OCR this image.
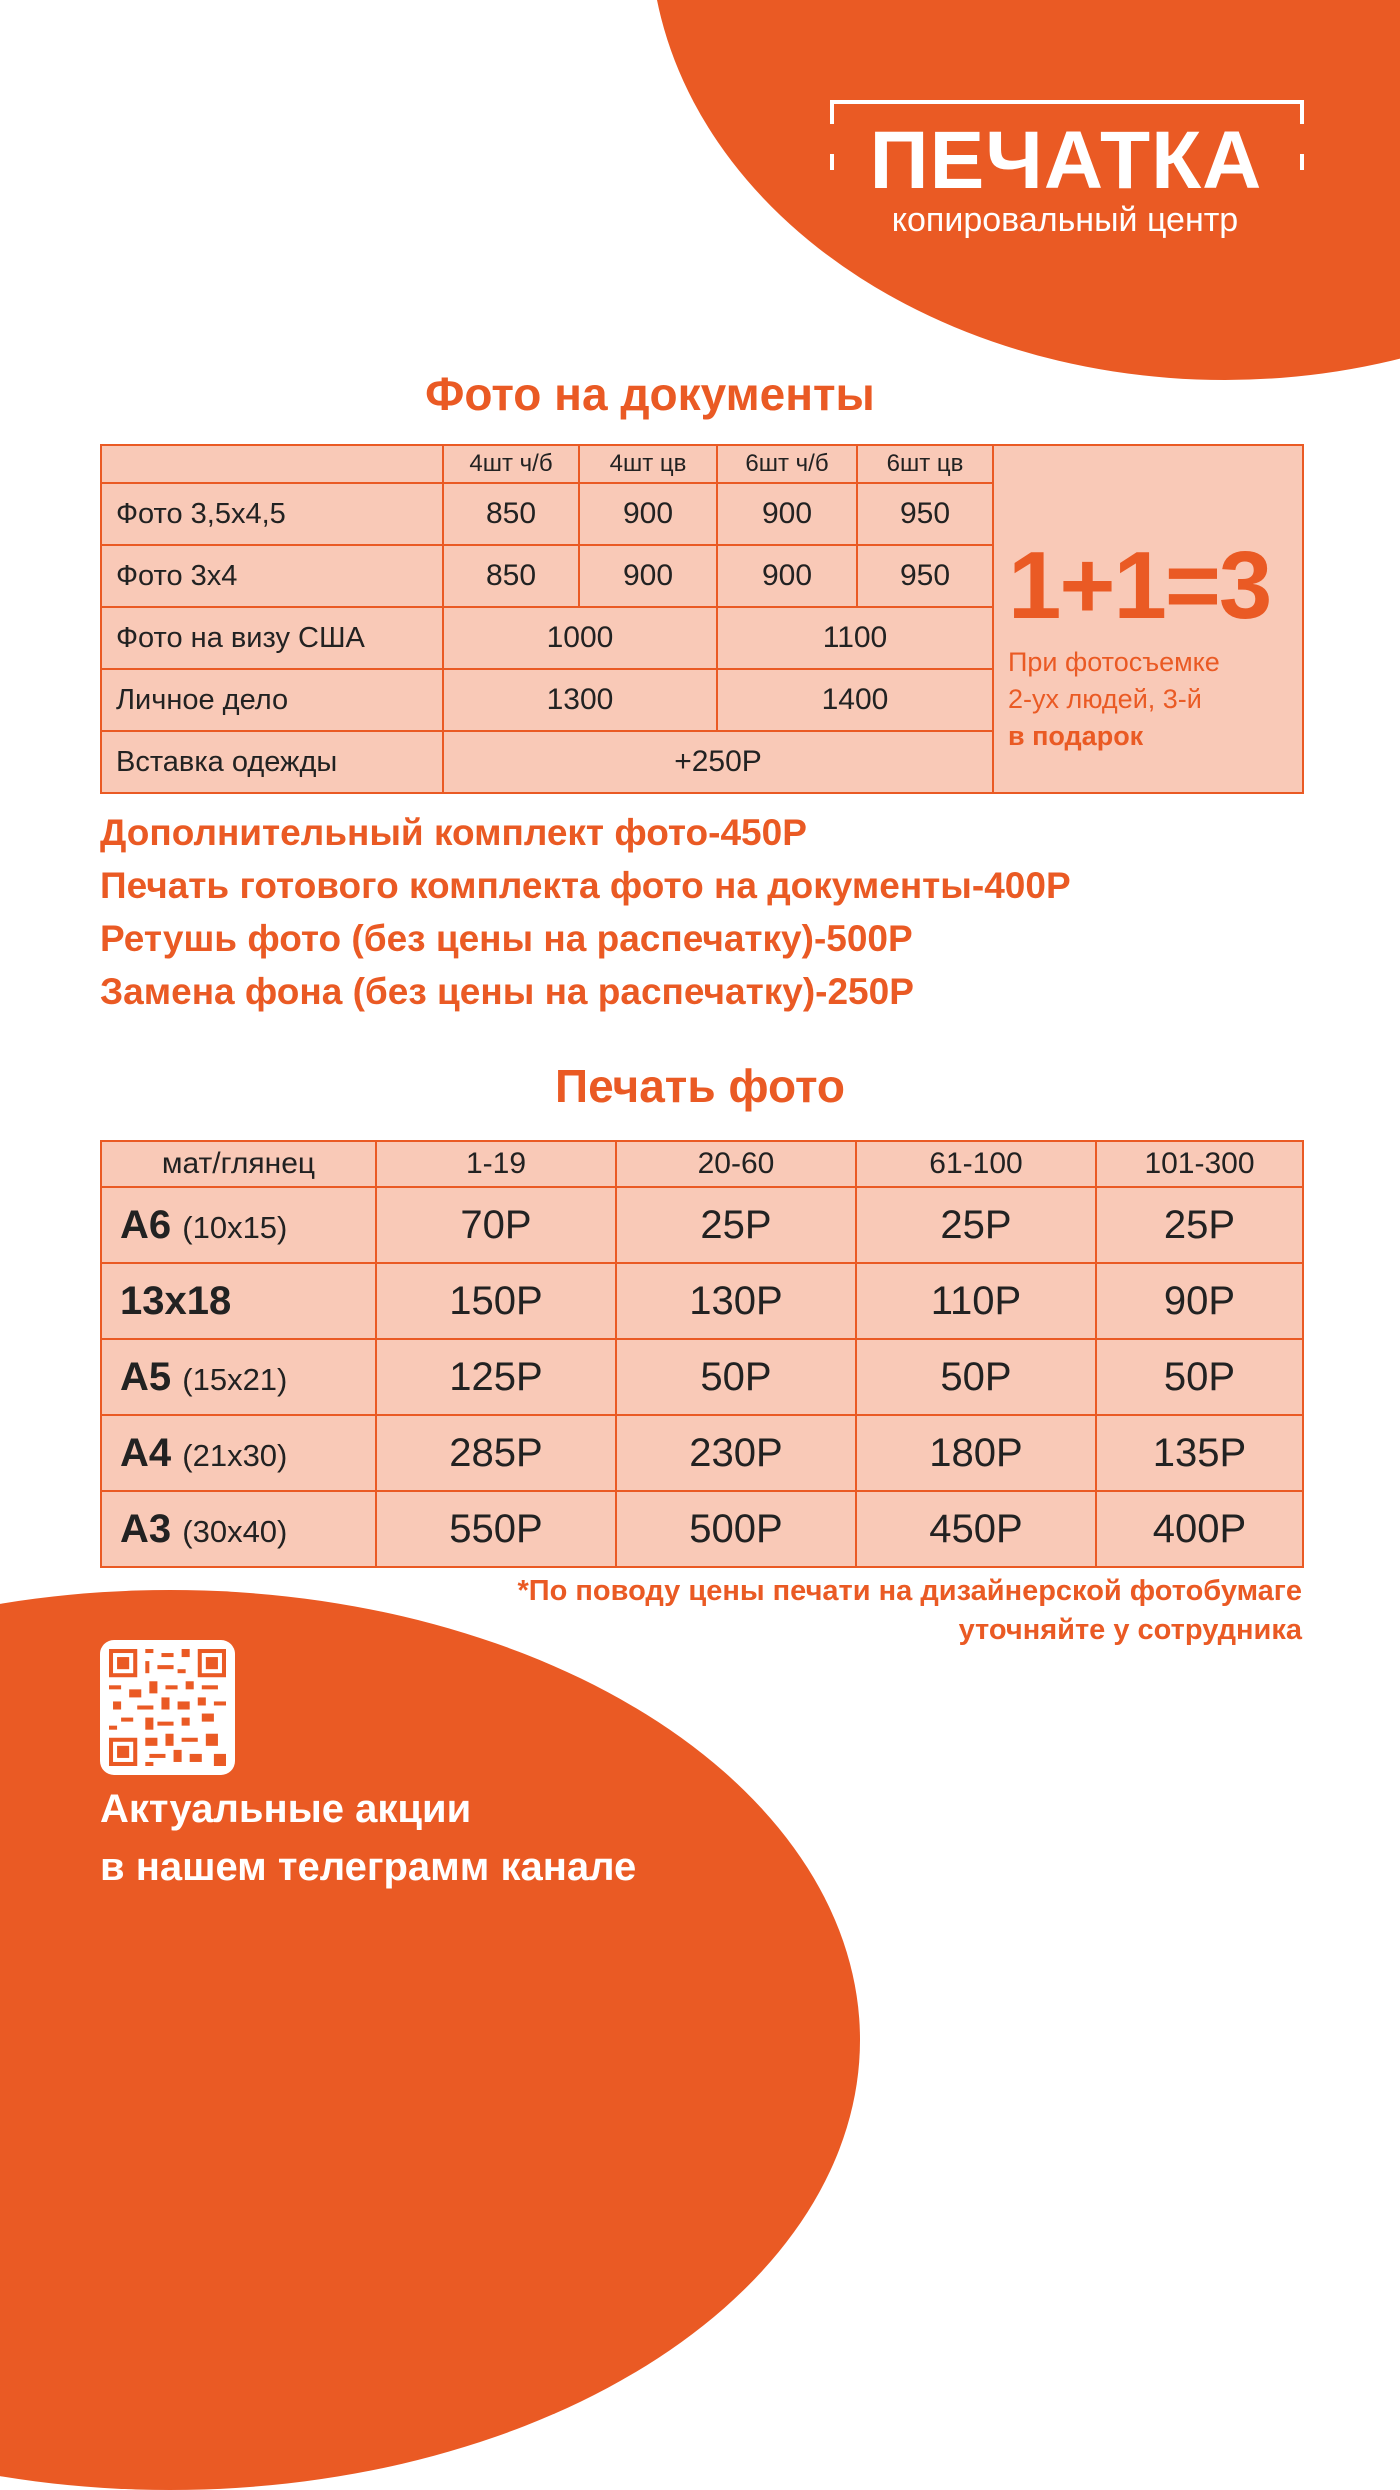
ПЕЧАТКА
копировальный центр
Фото на документы
	4шт ч/б	4шт цв	6шт ч/б	6шт цв	1+1=3
При фотосъемке
2-ух людей, 3-й
в подарок

Фото 3,5х4,5	850	900	900	950	
Фото 3х4	850	900	900	950	
Фото на визу США	1000		1100		
Личное дело	1300		1400		
Вставка одежды	+250Р				
Дополнительный комплект фото-450Р
Печать готового комплекта фото на документы-400Р
Ретушь фото (без цены на распечатку)-500Р
Замена фона (без цены на распечатку)-250Р
Печать фото
мат/глянец	1-19	20-60	61-100	101-300
А6 (10х15)	70Р	25Р	25Р	25Р
13х18	150Р	130Р	110Р	90Р
А5 (15х21)	125Р	50Р	50Р	50Р
А4 (21х30)	285Р	230Р	180Р	135Р
А3 (30х40)	550Р	500Р	450Р	400Р
*По поводу цены печати на дизайнерской фотобумаге
уточняйте у сотрудника
Актуальные акции
в нашем телеграмм канале
